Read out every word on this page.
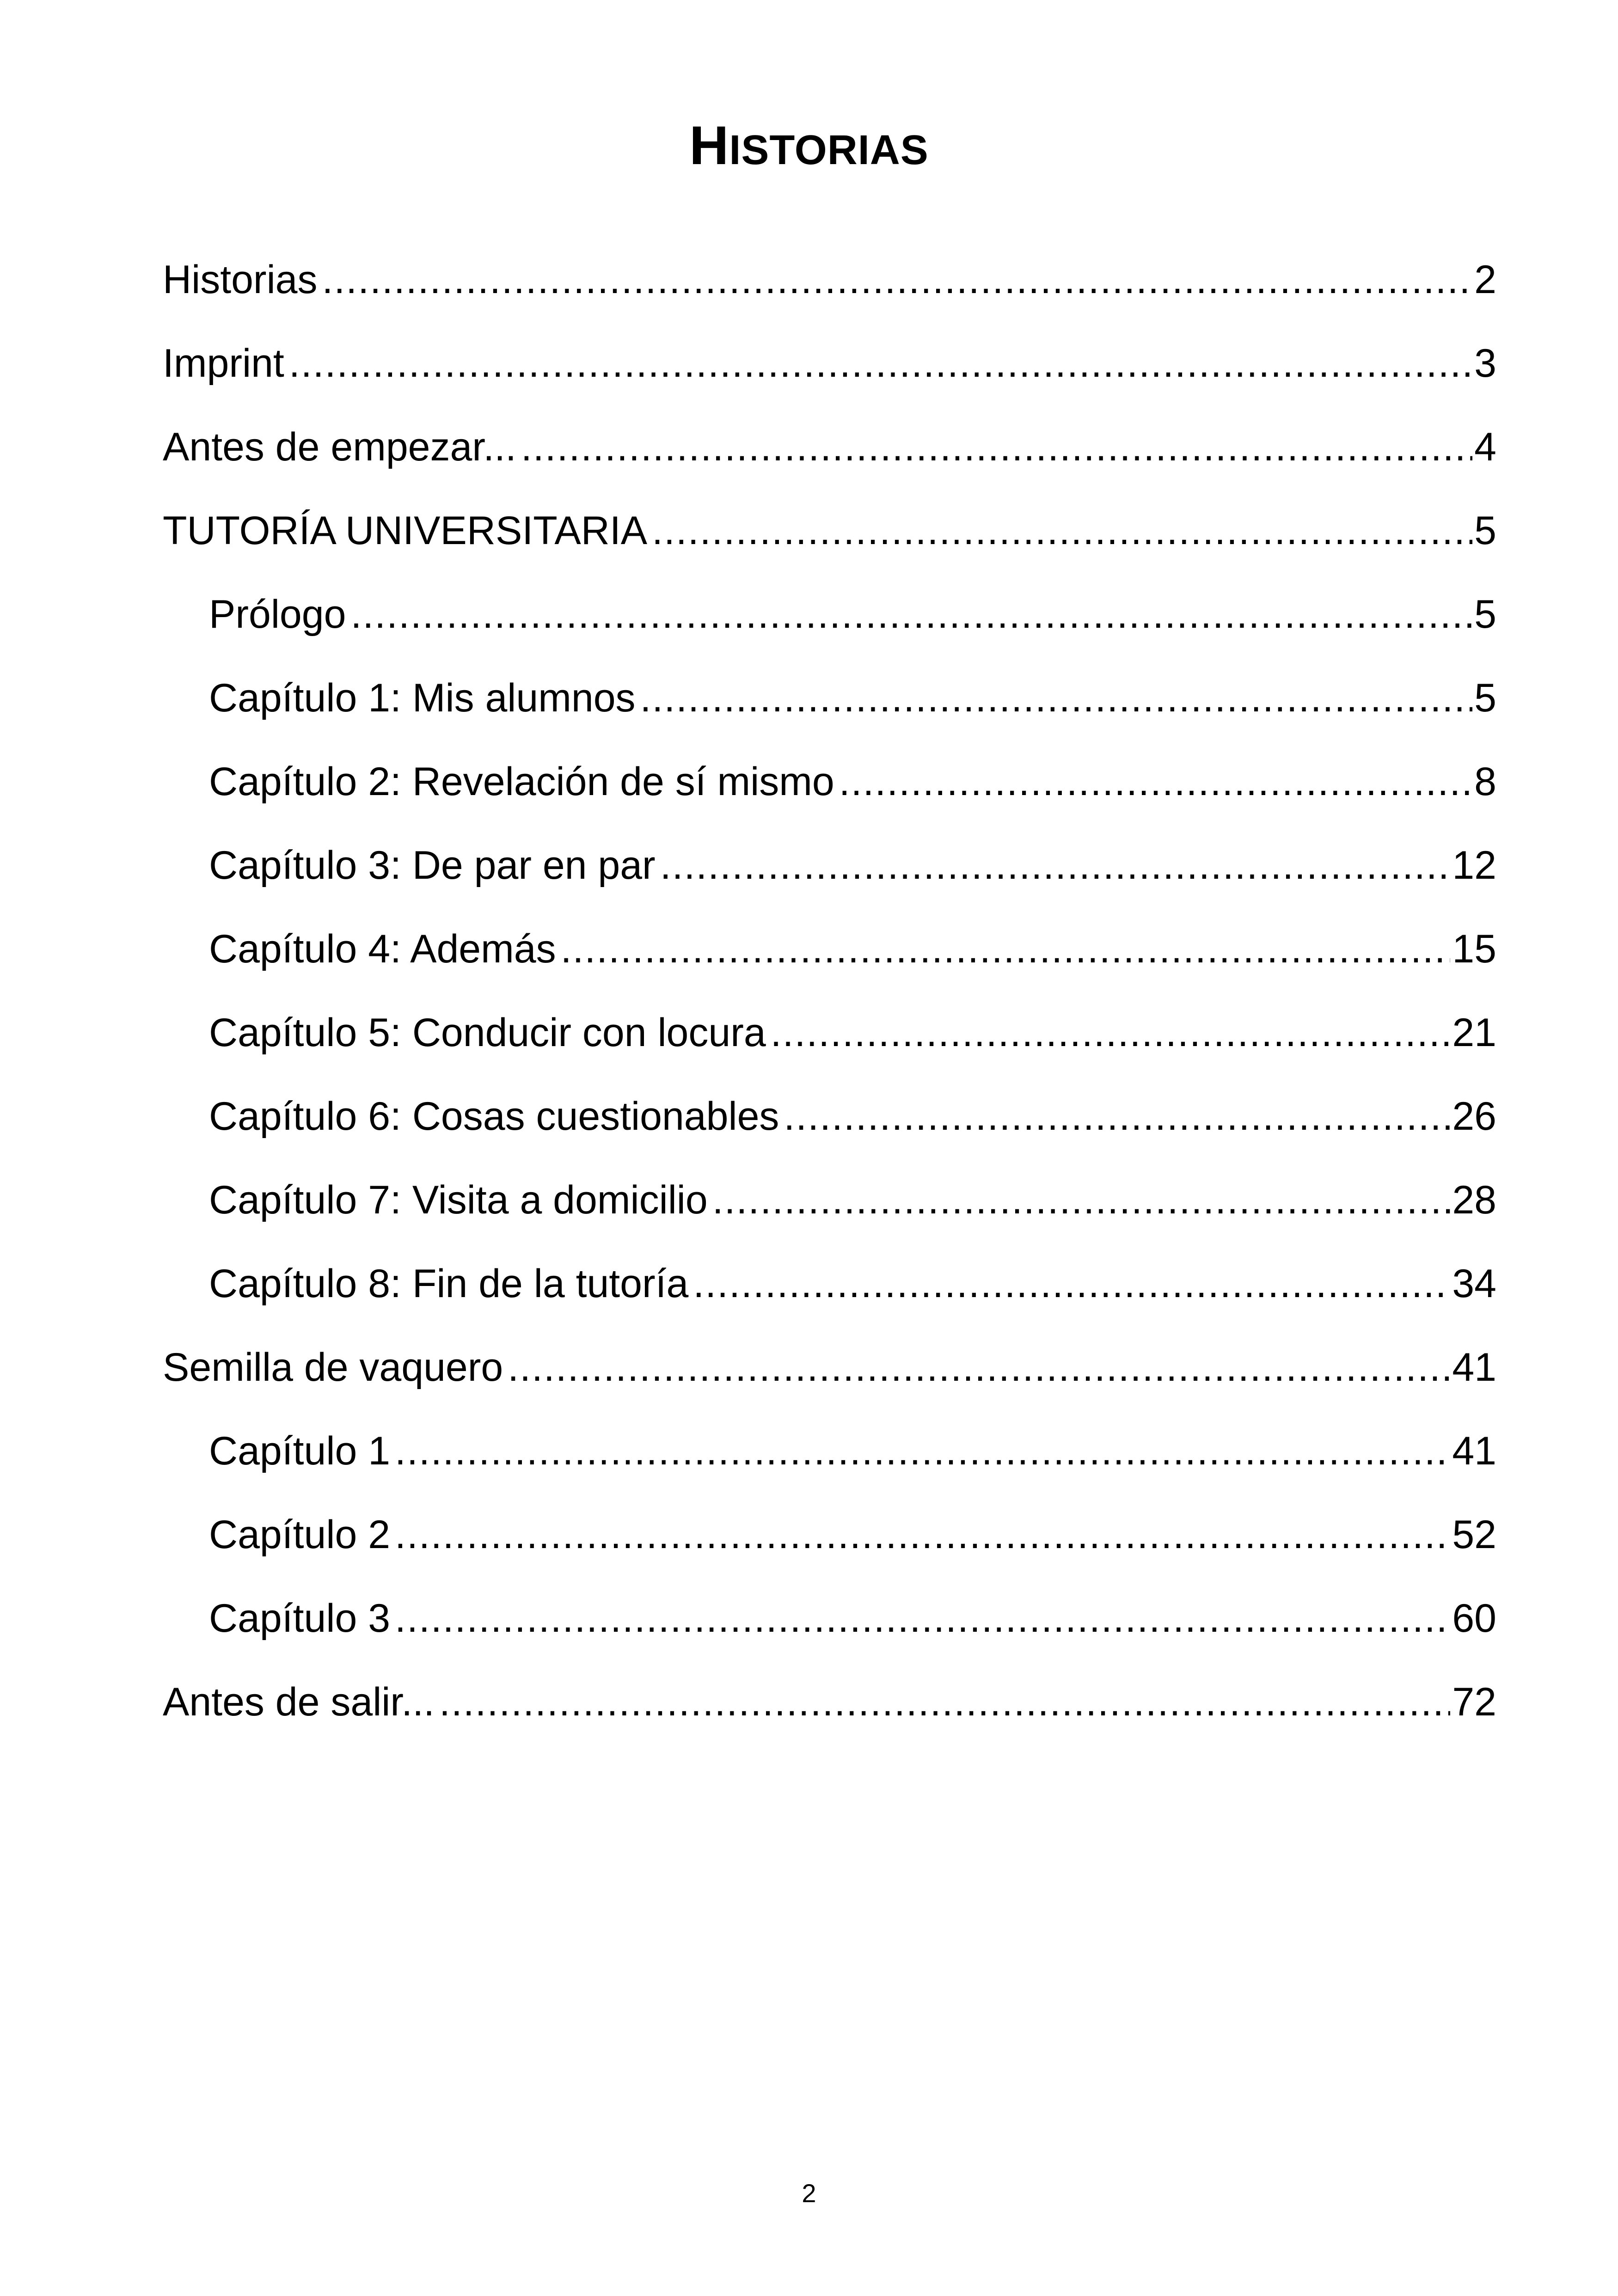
HISTORIAS
Historias .....	2
Imprint .....	3
Antes de empezar... .....	4
TUTORÍA UNIVERSITARIA .....	5
Prólogo .....	5
Capítulo 1: Mis alumnos .....	5
Capítulo 2: Revelación de sí mismo .....	8
Capítulo 3: De par en par .....	12
Capítulo 4: Además .....	15
Capítulo 5: Conducir con locura .....	21
Capítulo 6: Cosas cuestionables .....	26
Capítulo 7: Visita a domicilio .....	28
Capítulo 8: Fin de la tutoría .....	34
Semilla de vaquero .....	41
Capítulo 1 .....	41
Capítulo 2 .....	52
Capítulo 3 .....	60
Antes de salir... .....	72
2
